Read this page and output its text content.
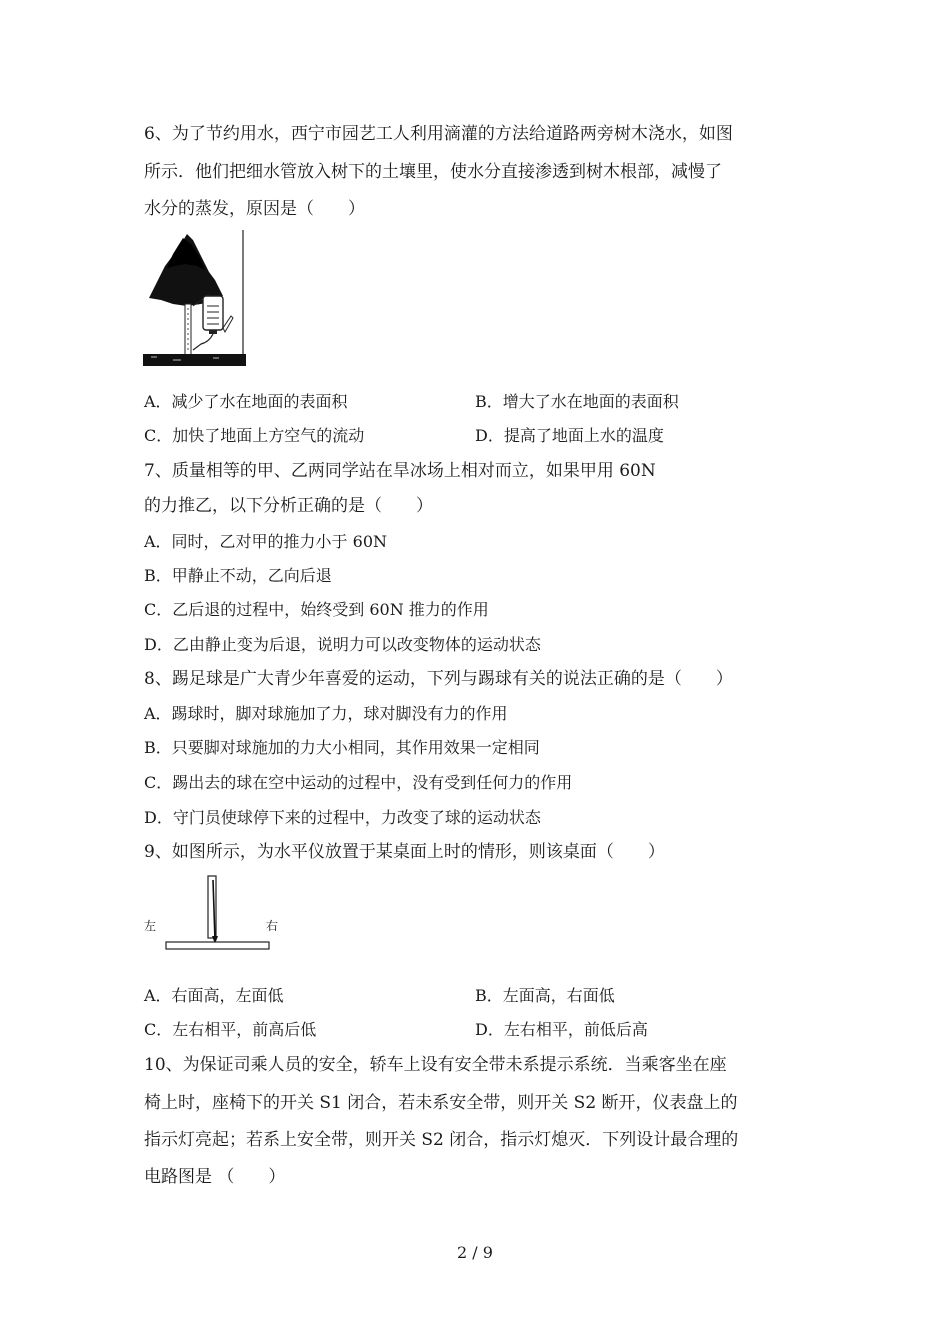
6、为了节约用水，西宁市园艺工人利用滴灌的方法给道路两旁树木浇水，如图
所示．他们把细水管放入树下的土壤里，使水分直接渗透到树木根部，减慢了
水分的蒸发，原因是（　　）
A．减少了水在地面的表面积	B．增大了水在地面的表面积
C．加快了地面上方空气的流动	D．提高了地面上水的温度
7、质量相等的甲、乙两同学站在旱冰场上相对而立，如果甲用 60N
的力推乙，以下分析正确的是（　　）
A．同时，乙对甲的推力小于 60N
B．甲静止不动，乙向后退
C．乙后退的过程中，始终受到 60N 推力的作用
D．乙由静止变为后退，说明力可以改变物体的运动状态
8、踢足球是广大青少年喜爱的运动，下列与踢球有关的说法正确的是（　　）
A．踢球时，脚对球施加了力，球对脚没有力的作用
B．只要脚对球施加的力大小相同，其作用效果一定相同
C．踢出去的球在空中运动的过程中，没有受到任何力的作用
D．守门员使球停下来的过程中，力改变了球的运动状态
9、如图所示，为水平仪放置于某桌面上时的情形，则该桌面（　　）
左	右
A．右面高，左面低	B．左面高，右面低
C．左右相平，前高后低	D．左右相平，前低后高
10、为保证司乘人员的安全，轿车上设有安全带未系提示系统．当乘客坐在座
椅上时，座椅下的开关 S1 闭合，若未系安全带，则开关 S2 断开，仪表盘上的
指示灯亮起；若系上安全带，则开关 S2 闭合，指示灯熄灭．下列设计最合理的
电路图是 （　　）
2 / 9
